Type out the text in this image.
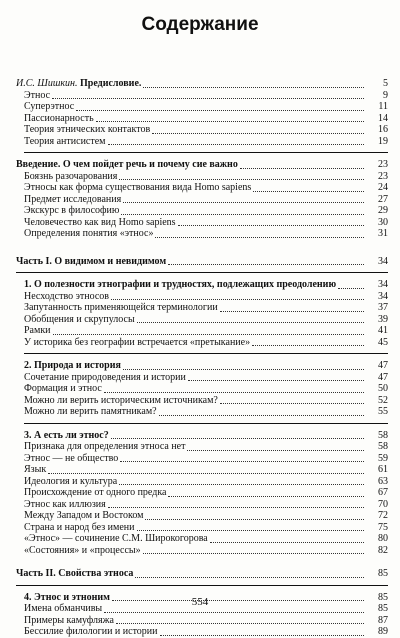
Содержание
И.С. Шишкин. Предисловие.	5
Этнос	9
Суперэтнос	11
Пассионарность	14
Теория этнических контактов	16
Теория антисистем	19
Введение. О чем пойдет речь и почему сие важно	23
Боязнь разочарования	23
Этносы как форма существования вида Homo sapiens	24
Предмет исследования	27
Экскурс в философию	29
Человечество как вид Homo sapiens	30
Определения понятия «этнос»	31
Часть I. О видимом и невидимом	34
1. О полезности этнографии и трудностях, подлежащих преодолению	34
Несходство этносов	34
Запутанность применяющейся терминологии	37
Обобщения и скрупулосы	39
Рамки	41
У историка без географии встречается «претыкание»	45
2. Природа и история	47
Сочетание природоведения и истории	47
Формация и этнос	50
Можно ли верить историческим источникам?	52
Можно ли верить памятникам?	55
3. А есть ли этнос?	58
Признака для определения этноса нет	58
Этнос — не общество	59
Язык	61
Идеология и культура	63
Происхождение от одного предка	67
Этнос как иллюзия	70
Между Западом и Востоком	72
Страна и народ без имени	75
«Этнос» — сочинение С.М. Широкогорова	80
«Состояния» и «процессы»	82
Часть II. Свойства этноса	85
4. Этнос и этноним	85
Имена обманчивы	85
Примеры камуфляжа	87
Бессилие филологии и истории	89
554
